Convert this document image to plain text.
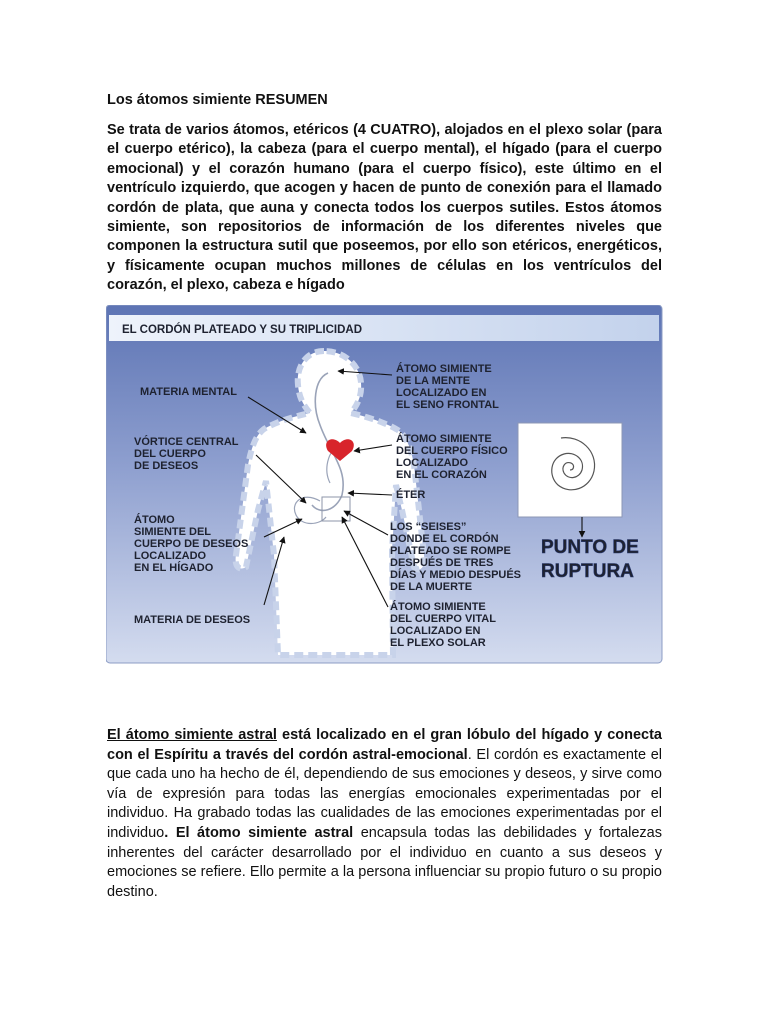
Los átomos simiente RESUMEN

Se trata de varios átomos, etéricos (4 CUATRO), alojados en el plexo solar (para el cuerpo etérico), la cabeza (para el cuerpo mental), el hígado (para el cuerpo emocional) y el corazón humano (para el cuerpo físico), este último en el ventrículo izquierdo, que acogen y hacen de punto de conexión para el llamado cordón de plata, que auna y conecta todos los cuerpos sutiles. Estos átomos simiente, son repositorios de información de los diferentes niveles que componen la estructura sutil que poseemos, por ello son etéricos, energéticos, y físicamente ocupan muchos millones de células en los ventrículos del corazón, el plexo, cabeza e hígado

EL CORDÓN PLATEADO Y SU TRIPLICIDAD
MATERIA MENTAL
VÓRTICE CENTRAL
DEL CUERPO
DE DESEOS
ÁTOMO
SIMIENTE DEL
CUERPO DE DESEOS
LOCALIZADO
EN EL HÍGADO
MATERIA DE DESEOS
ÁTOMO SIMIENTE
DE LA MENTE
LOCALIZADO EN
EL SENO FRONTAL
ÁTOMO SIMIENTE
DEL CUERPO FÍSICO
LOCALIZADO
EN EL CORAZÓN
ÉTER
LOS “SEISES”
DONDE EL CORDÓN
PLATEADO SE ROMPE
DESPUÉS DE TRES
DÍAS Y MEDIO DESPUÉS
DE LA MUERTE
ÁTOMO SIMIENTE
DEL CUERPO VITAL
LOCALIZADO EN
EL PLEXO SOLAR
PUNTO DE
RUPTURA

El átomo simiente astral está localizado en el gran lóbulo del hígado y conecta con el Espíritu a través del cordón astral-emocional. El cordón es exactamente el que cada uno ha hecho de él, dependiendo de sus emociones y deseos, y sirve como vía de expresión para todas las energías emocionales experimentadas por el individuo. Ha grabado todas las cualidades de las emociones experimentadas por el individuo. El átomo simiente astral encapsula todas las debilidades y fortalezas inherentes del carácter desarrollado por el individuo en cuanto a sus deseos y emociones se refiere. Ello permite a la persona influenciar su propio futuro o su propio destino.
